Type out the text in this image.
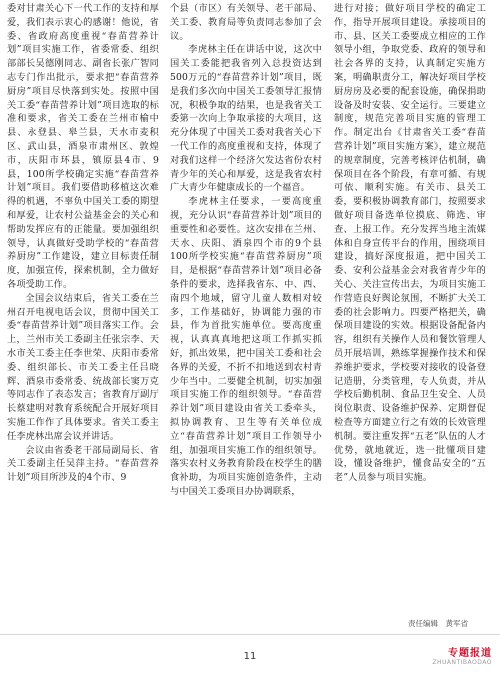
委对甘肃关心下一代工作的支持和厚爱，我们表示衷心的感谢！他说，省委、省政府高度重视“春苗营养计划”项目实施工作，省委常委、组织部部长吴德刚同志、副省长张广智同志专门作出批示，要求把“春苗营养厨房”项目尽快落到实处。按照中国关工委“春苗营养计划”项目选取的标准和要求，省关工委在兰州市榆中县、永登县、皋兰县，天水市麦积区、武山县，酒泉市肃州区、敦煌市，庆阳市环县，镇原县4市、9县，100所学校确定实施“春苗营养计划”项目。我们要借助移植这次难得的机遇，不辜负中国关工委的期望和厚爱，让农村公益基金会的关心和帮助发挥应有的正能量。要加强组织领导，认真做好受助学校的“春苗营养厨房”工作建设，建立目标责任制度，加强宣传，探索机制，全力做好各项受助工作。

全国会议结束后，省关工委在兰州召开电视电话会议，贯彻中国关工委“春苗营养计划”项目落实工作。会上，兰州市关工委副主任张宗李、天水市关工委主任李世荣、庆阳市委常委、组织部长、市关工委主任吕晓辉、酒泉市委常委、统战部长窦万克等同志作了表态发言；省教育厅副厅长蔡建明对教育系统配合开展好项目实施工作作了具体要求。省关工委主任李虎林出席会议并讲话。

会议由省委老干部局副局长、省关工委副主任吴萍主持。“春苗营养计划”项目所涉及的4个市、9

个县（市区）有关领导、老干部局、关工委、教育局等负责同志参加了会议。

李虎林主任在讲话中说，这次中国关工委能把我省列入总投资达到500万元的“春苗营养计划”项目，既是我们多次向中国关工委领导汇报情况，积极争取的结果，也是我省关工委第一次向上争取承接的大项目，这充分体现了中国关工委对我省关心下一代工作的高度重视和支持，体现了对我们这样一个经济欠发达省份农村青少年的关心和厚爱，这是我省农村广大青少年健康成长的一个福音。

李虎林主任要求，一要高度重视，充分认识“春苗营养计划”项目的重要性和必要性。这次安排在兰州、天水、庆阳、酒泉四个市的9个县100所学校实施“春苗营养厨房”项目，是根据“春苗营养计划”项目必备条件的要求，选择我省东、中、西、南四个地域，留守儿童人数相对较多，工作基础好，协调能力强的市县，作为首批实施单位。要高度重视，认真真真地把这项工作抓实抓好，抓出效果，把中国关工委和社会各界的关爱，不折不扣地送到农村青少年当中。二要健全机制，切实加强项目实施工作的组织领导。“春苗营养计划”项目建设由省关工委牵头，拟协调教育、卫生等有关单位成立“春苗营养计划”项目工作领导小组，加强项目实施工作的组织领导。落实农村义务教育阶段在校学生的膳食补助，为项目实施创造条件，主动与中国关工委项目办协调联系，

进行对接；做好项目学校的确定工作，指导开展项目建设。承接项目的市、县、区关工委要成立相应的工作领导小组，争取党委、政府的领导和社会各界的支持，认真制定实施方案，明确职责分工，解决好项目学校厨房房及必要的配套设施，确保捐助设备及时安装、安全运行。三要建立制度，规范完善项目实施的管理工作。制定出台《甘肃省关工委“春苗营养计划”项目实施方案》，建立规范的规章制度，完善考核评估机制，确保项目在各个阶段，有章可循、有规可依、顺利实施。有关市、县关工委，要积极协调教育部门，按照要求做好项目备选单位摸底、筛选、审查、上报工作。充分发挥当地主流媒体和自身宣传平台的作用，围绕项目建设，搞好深度报道，把中国关工委、安利公益基金会对我省青少年的关心、关注宣传出去，为项目实施工作营造良好舆论氛围，不断扩大关工委的社会影响力。四要严格把关，确保项目建设的实效。根据设备配备内容，组织有关操作人员和餐饮管理人员开展培训，熟练掌握操作技术和保养维护要求，学校要对接收的设备登记造册，分类管理，专人负责，并从学校后勤机制、食品卫生安全、人员岗位职责、设备维护保养、定期督促检查等方面建立行之有效的长效管理机制。要注重发挥“五老”队伍的人才优势，就地就近，选一批懂项目建设，懂设备维护，懂食品安全的“五老”人员参与项目实施。

责任编辑　黄军省
11	专题报道
ZHUANTIBAODAO
